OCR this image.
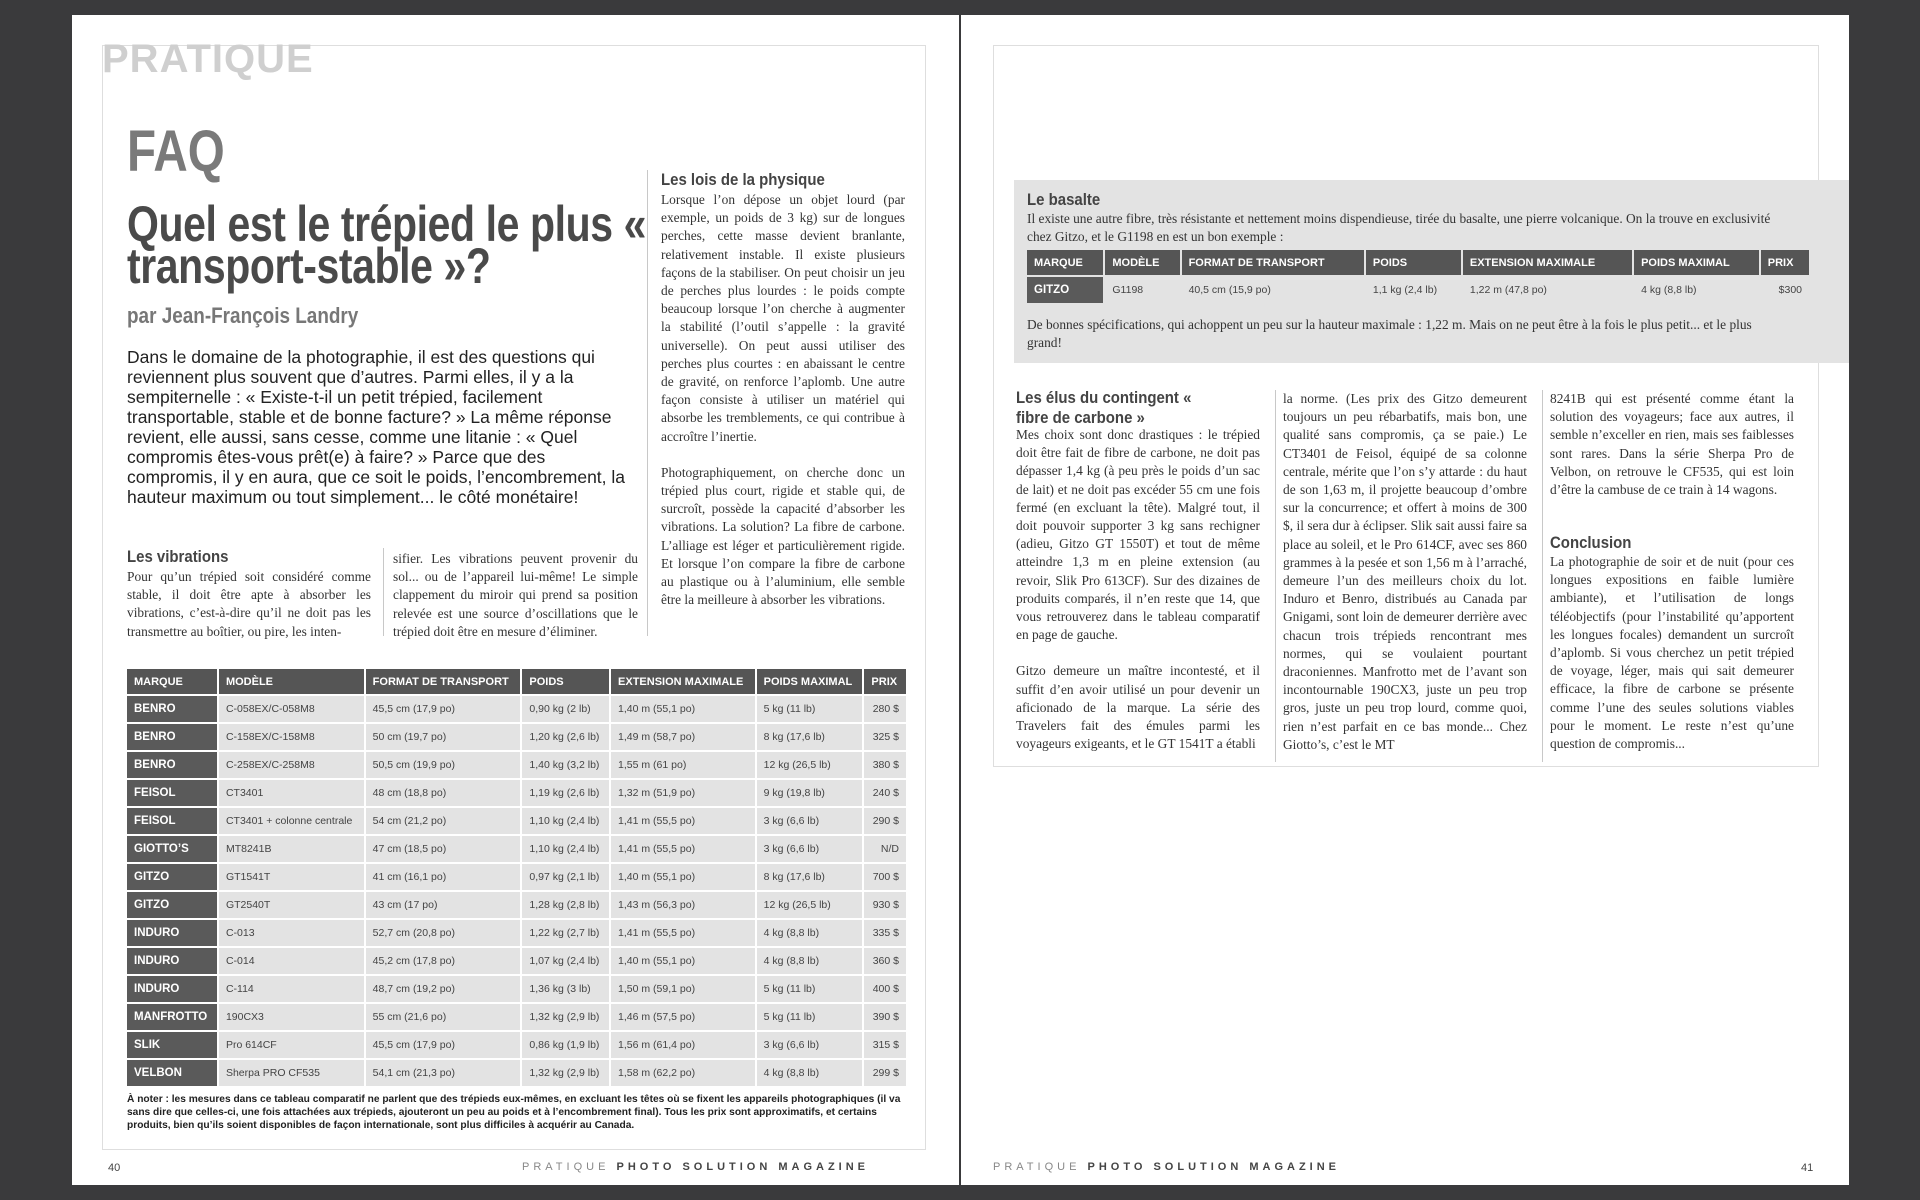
PRATIQUE
FAQ
Quel est le trépied le plus « transport-stable »?
par Jean-François Landry
Dans le domaine de la photographie, il est des questions qui reviennent plus souvent que d’autres. Parmi elles, il y a la sempiternelle : « Existe-t-il un petit trépied, facilement transportable, stable et de bonne facture? » La même réponse revient, elle aussi, sans cesse, comme une litanie : « Quel compromis êtes-vous prêt(e) à faire? » Parce que des compromis, il y en aura, que ce soit le poids, l’encombrement, la hauteur maximum ou tout simplement... le côté monétaire!
Les vibrations
Pour qu’un trépied soit considéré comme stable, il doit être apte à absorber les vibrations, c’est-à-dire qu’il ne doit pas les transmettre au boîtier, ou pire, les inten-
sifier. Les vibrations peuvent provenir du sol... ou de l’appareil lui-même! Le simple clappement du miroir qui prend sa position relevée est une source d’oscillations que le trépied doit être en mesure d’éliminer.
Les lois de la physique

Lorsque l’on dépose un objet lourd (par exemple, un poids de 3 kg) sur de longues perches, cette masse devient branlante, relativement instable. Il existe plusieurs façons de la stabiliser. On peut choisir un jeu de perches plus lourdes : le poids compte beaucoup lorsque l’on cherche à augmenter la stabilité (l’outil s’appelle : la gravité universelle). On peut aussi utiliser des perches plus courtes : en abaissant le centre de gravité, on renforce l’aplomb. Une autre façon consiste à utiliser un matériel qui absorbe les tremblements, ce qui contribue à accroître l’inertie.

Photographiquement, on cherche donc un trépied plus court, rigide et stable qui, de surcroît, possède la capacité d’absorber les vibrations. La solution? La fibre de carbone. L’alliage est léger et particulièrement rigide. Et lorsque l’on compare la fibre de carbone au plastique ou à l’aluminium, elle semble être la meilleure à absorber les vibrations.

MARQUE	MODÈLE	FORMAT DE TRANSPORT	POIDS	EXTENSION MAXIMALE	POIDS MAXIMAL	PRIX
BENRO	C-058EX/C-058M8	45,5 cm (17,9 po)	0,90 kg (2 lb)	1,40 m (55,1 po)	5 kg (11 lb)	280 $
BENRO	C-158EX/C-158M8	50 cm (19,7 po)	1,20 kg (2,6 lb)	1,49 m (58,7 po)	8 kg (17,6 lb)	325 $
BENRO	C-258EX/C-258M8	50,5 cm (19,9 po)	1,40 kg (3,2 lb)	1,55 m (61 po)	12 kg (26,5 lb)	380 $
FEISOL	CT3401	48 cm (18,8 po)	1,19 kg (2,6 lb)	1,32 m (51,9 po)	9 kg (19,8 lb)	240 $
FEISOL	CT3401 + colonne centrale	54 cm (21,2 po)	1,10 kg (2,4 lb)	1,41 m (55,5 po)	3 kg (6,6 lb)	290 $
GIOTTO’S	MT8241B	47 cm (18,5 po)	1,10 kg (2,4 lb)	1,41 m (55,5 po)	3 kg (6,6 lb)	N/D
GITZO	GT1541T	41 cm (16,1 po)	0,97 kg (2,1 lb)	1,40 m (55,1 po)	8 kg (17,6 lb)	700 $
GITZO	GT2540T	43 cm (17 po)	1,28 kg (2,8 lb)	1,43 m (56,3 po)	12 kg (26,5 lb)	930 $
INDURO	C-013	52,7 cm (20,8 po)	1,22 kg (2,7 lb)	1,41 m (55,5 po)	4 kg (8,8 lb)	335 $
INDURO	C-014	45,2 cm (17,8 po)	1,07 kg (2,4 lb)	1,40 m (55,1 po)	4 kg (8,8 lb)	360 $
INDURO	C-114	48,7 cm (19,2 po)	1,36 kg (3 lb)	1,50 m (59,1 po)	5 kg (11 lb)	400 $
MANFROTTO	190CX3	55 cm (21,6 po)	1,32 kg (2,9 lb)	1,46 m (57,5 po)	5 kg (11 lb)	390 $
SLIK	Pro 614CF	45,5 cm (17,9 po)	0,86 kg (1,9 lb)	1,56 m (61,4 po)	3 kg (6,6 lb)	315 $
VELBON	Sherpa PRO CF535	54,1 cm (21,3 po)	1,32 kg (2,9 lb)	1,58 m (62,2 po)	4 kg (8,8 lb)	299 $
À noter : les mesures dans ce tableau comparatif ne parlent que des trépieds eux-mêmes, en excluant les têtes où se fixent les appareils photographiques (il va sans dire que celles-ci, une fois attachées aux trépieds, ajouteront un peu au poids et à l’encombrement final). Tous les prix sont approximatifs, et certains produits, bien qu’ils soient disponibles de façon internationale, sont plus difficiles à acquérir au Canada.
40	PRATIQUE PHOTO SOLUTION MAGAZINE
Le basalte
Il existe une autre fibre, très résistante et nettement moins dispendieuse, tirée du basalte, une pierre volcanique. On la trouve en exclusivité chez Gitzo, et le G1198 en est un bon exemple :
MARQUE	MODÈLE	FORMAT DE TRANSPORT	POIDS	EXTENSION MAXIMALE	POIDS MAXIMAL	PRIX
GITZO	G1198	40,5 cm (15,9 po)	1,1 kg (2,4 lb)	1,22 m (47,8 po)	4 kg (8,8 lb)	$300
De bonnes spécifications, qui achoppent un peu sur la hauteur maximale : 1,22 m. Mais on ne peut être à la fois le plus petit... et le plus grand!
Les élus du contingent « fibre de carbone »

Mes choix sont donc drastiques : le trépied doit être fait de fibre de carbone, ne doit pas dépasser 1,4 kg (à peu près le poids d’un sac de lait) et ne doit pas excéder 55 cm une fois fermé (en excluant la tête). Malgré tout, il doit pouvoir supporter 3 kg sans rechigner (adieu, Gitzo GT 1550T) et tout de même atteindre 1,3 m en pleine extension (au revoir, Slik Pro 613CF). Sur des dizaines de produits comparés, il n’en reste que 14, que vous retrouverez dans le tableau comparatif en page de gauche.

Gitzo demeure un maître incontesté, et il suffit d’en avoir utilisé un pour devenir un aficionado de la marque. La série des Travelers fait des émules parmi les voyageurs exigeants, et le GT 1541T a établi

la norme. (Les prix des Gitzo demeurent toujours un peu rébarbatifs, mais bon, une qualité sans compromis, ça se paie.) Le CT3401 de Feisol, équipé de sa colonne centrale, mérite que l’on s’y attarde : du haut de son 1,63 m, il projette beaucoup d’ombre sur la concurrence; et offert à moins de 300 $, il sera dur à éclipser. Slik sait aussi faire sa place au soleil, et le Pro 614CF, avec ses 860 grammes à la pesée et son 1,56 m à l’arraché, demeure l’un des meilleurs choix du lot. Induro et Benro, distribués au Canada par Gnigami, sont loin de demeurer derrière avec chacun trois trépieds rencontrant mes normes, qui se voulaient pourtant draconiennes. Manfrotto met de l’avant son incontournable 190CX3, juste un peu trop gros, juste un peu trop lourd, comme quoi, rien n’est parfait en ce bas monde... Chez Giotto’s, c’est le MT
8241B qui est présenté comme étant la solution des voyageurs; face aux autres, il semble n’exceller en rien, mais ses faiblesses sont rares. Dans la série Sherpa Pro de Velbon, on retrouve le CF535, qui est loin d’être la cambuse de ce train à 14 wagons.
Conclusion
La photographie de soir et de nuit (pour ces longues expositions en faible lumière ambiante), et l’utilisation de longs téléobjectifs (pour l’instabilité qu’apportent les longues focales) demandent un surcroît d’aplomb. Si vous cherchez un petit trépied de voyage, léger, mais qui sait demeurer efficace, la fibre de carbone se présente comme l’une des seules solutions viables pour le moment. Le reste n’est qu’une question de compromis...
PRATIQUE PHOTO SOLUTION MAGAZINE	41
